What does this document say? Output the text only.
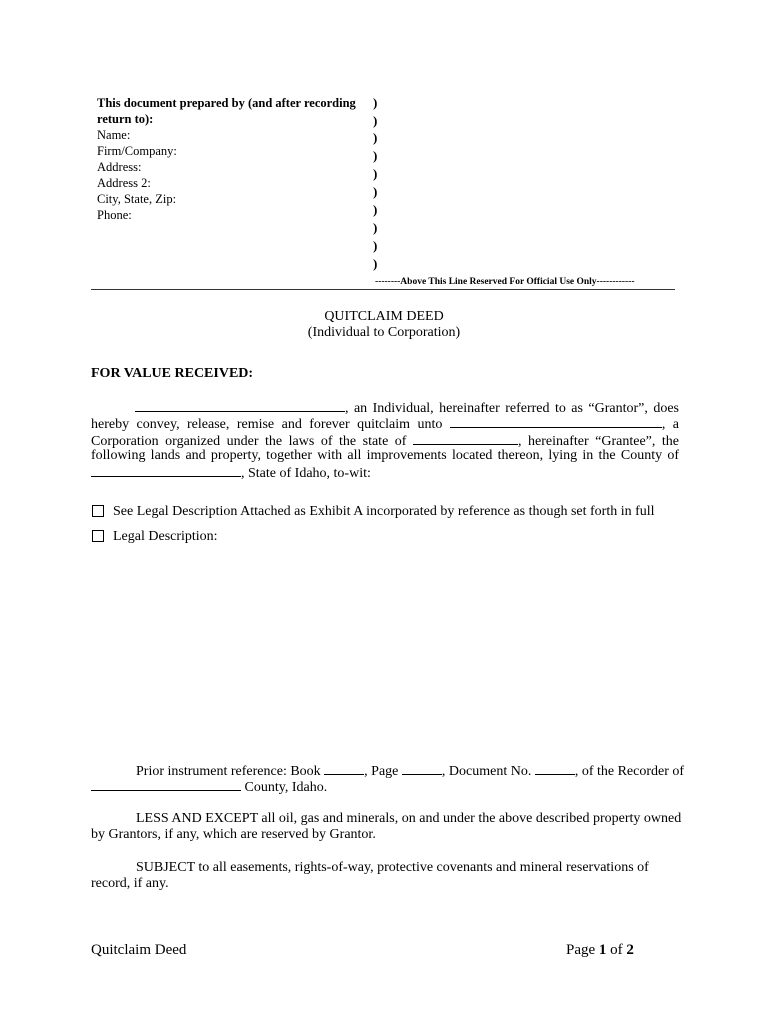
This document prepared by (and after recording
return to):
Name:
Firm/Company:
Address:
Address 2:
City, State, Zip:
Phone:
)
)
)
)
)
)
)
)
)
)
--------Above This Line Reserved For Official Use Only------------
QUITCLAIM DEED
(Individual to Corporation)
FOR VALUE RECEIVED:
, an Individual, hereinafter referred to as “Grantor”, does
hereby convey, release, remise and forever quitclaim unto	, a
Corporation organized under the laws of the state of	, hereinafter “Grantee”, the
following lands and property, together with all improvements located thereon, lying in the County of
, State of Idaho, to-wit:
See Legal Description Attached as Exhibit A incorporated by reference as though set forth in full
Legal Description:
Prior instrument reference: Book	, Page	, Document No.	, of the Recorder of
County, Idaho.
LESS AND EXCEPT all oil, gas and minerals, on and under the above described property owned
by Grantors, if any, which are reserved by Grantor.
SUBJECT to all easements, rights-of-way, protective covenants and mineral reservations of
record, if any.
Quitclaim Deed	Page 1 of 2
